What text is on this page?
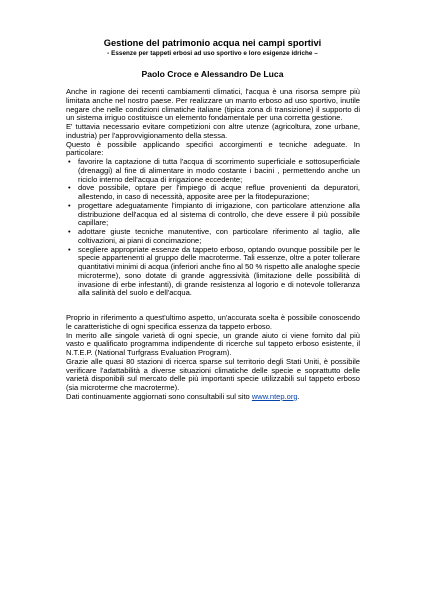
Gestione del patrimonio acqua nei campi sportivi
- Essenze per tappeti erbosi ad uso sportivo e loro esigenze idriche –
Paolo Croce e Alessandro De Luca

Anche in ragione dei recenti cambiamenti climatici, l'acqua è una risorsa sempre più limitata anche nel nostro paese. Per realizzare un manto erboso ad uso sportivo, inutile negare che nelle condizioni climatiche italiane (tipica zona di transizione) il supporto di un sistema irriguo costituisce un elemento fondamentale per una corretta gestione.

E' tuttavia necessario evitare competizioni con altre utenze (agricoltura, zone urbane, industria) per l'approvvigionamento della stessa.

Questo è possibile applicando specifici accorgimenti e tecniche adeguate. In particolare:

• favorire la captazione di tutta l'acqua di scorrimento superficiale e sottosuperficiale (drenaggi) al fine di alimentare in modo costante i bacini , permettendo anche un riciclo interno dell'acqua di irrigazione eccedente;
• dove possibile, optare per l'impiego di acque reflue provenienti da depuratori, allestendo, in caso di necessità, apposite aree per la fitodepurazione;
• progettare adeguatamente l'impianto di irrigazione, con particolare attenzione alla distribuzione dell'acqua ed al sistema di controllo, che deve essere il più possibile capillare;
• adottare giuste tecniche manutentive, con particolare riferimento al taglio, alle coltivazioni, ai piani di concimazione;
• scegliere appropriate essenze da tappeto erboso, optando ovunque possibile per le specie appartenenti al gruppo delle macroterme. Tali essenze, oltre a poter tollerare quantitativi minimi di acqua (inferiori anche fino al 50 % rispetto alle analoghe specie microterme), sono dotate di grande aggressività (limitazione delle possibilità di invasione di erbe infestanti), di grande resistenza al logorio e di notevole tolleranza alla salinità del suolo e dell'acqua.

Proprio in riferimento a quest'ultimo aspetto, un'accurata scelta è possibile conoscendo le caratteristiche di ogni specifica essenza da tappeto erboso.

In merito alle singole varietà di ogni specie, un grande aiuto ci viene fornito dal più vasto e qualificato programma indipendente di ricerche sul tappeto erboso esistente, il N.T.E.P. (National Turfgrass Evaluation Program).

Grazie alle quasi 80 stazioni di ricerca sparse sul territorio degli Stati Uniti, è possibile verificare l'adattabilità a diverse situazioni climatiche delle specie e soprattutto delle varietà disponibili sul mercato delle più importanti specie utilizzabili sul tappeto erboso (sia microterme che macroterme).

Dati continuamente aggiornati sono consultabili sul sito www.ntep.org.
